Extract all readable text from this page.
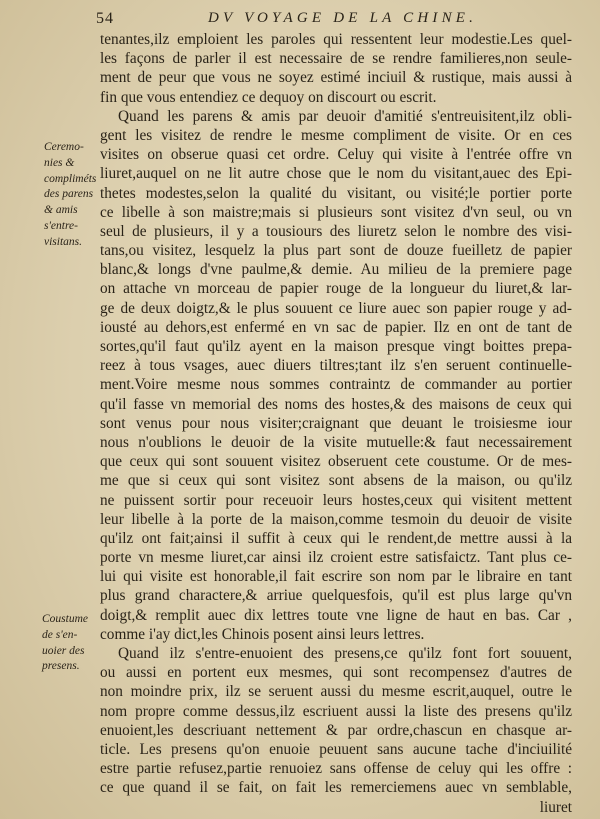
54	DV VOYAGE DE LA CHINE.
Ceremo-
nies &
compliméts
des parens
& amis
s'entre-
visitans.
Coustume
de s'en-
uoier des
presens.
tenantes,ilz emploient les paroles qui ressentent leur modestie.Les quel-
les façons de parler il est necessaire de se rendre familieres,non seule-
ment de peur que vous ne soyez estimé inciuil & rustique, mais aussi à
fin que vous entendiez ce dequoy on discourt ou escrit.
Quand les parens & amis par deuoir d'amitié s'entreuisitent,ilz obli-
gent les visitez de rendre le mesme compliment de visite. Or en ces
visites on obserue quasi cet ordre. Celuy qui visite à l'entrée offre vn
liuret,auquel on ne lit autre chose que le nom du visitant,auec des Epi-
thetes modestes,selon la qualité du visitant, ou visité;le portier porte
ce libelle à son maistre;mais si plusieurs sont visitez d'vn seul, ou vn
seul de plusieurs, il y a tousiours des liuretz selon le nombre des visi-
tans,ou visitez, lesquelz la plus part sont de douze fueilletz de papier
blanc,& longs d'vne paulme,& demie. Au milieu de la premiere page
on attache vn morceau de papier rouge de la longueur du liuret,& lar-
ge de deux doigtz,& le plus souuent ce liure auec son papier rouge y ad-
iousté au dehors,est enfermé en vn sac de papier. Ilz en ont de tant de
sortes,qu'il faut qu'ilz ayent en la maison presque vingt boittes prepa-
reez à tous vsages, auec diuers tiltres;tant ilz s'en seruent continuelle-
ment.Voire mesme nous sommes contraintz de commander au portier
qu'il fasse vn memorial des noms des hostes,& des maisons de ceux qui
sont venus pour nous visiter;craignant que deuant le troisiesme iour
nous n'oublions le deuoir de la visite mutuelle:& faut necessairement
que ceux qui sont souuent visitez obseruent cete coustume. Or de mes-
me que si ceux qui sont visitez sont absens de la maison, ou qu'ilz
ne puissent sortir pour receuoir leurs hostes,ceux qui visitent mettent
leur libelle à la porte de la maison,comme tesmoin du deuoir de visite
qu'ilz ont fait;ainsi il suffit à ceux qui le rendent,de mettre aussi à la
porte vn mesme liuret,car ainsi ilz croient estre satisfaictz. Tant plus ce-
lui qui visite est honorable,il fait escrire son nom par le libraire en tant
plus grand charactere,& arriue quelquesfois, qu'il est plus large qu'vn
doigt,& remplit auec dix lettres toute vne ligne de haut en bas. Car ,
comme i'ay dict,les Chinois posent ainsi leurs lettres.
Quand ilz s'entre-enuoient des presens,ce qu'ilz font fort souuent,
ou aussi en portent eux mesmes, qui sont recompensez d'autres de
non moindre prix, ilz se seruent aussi du mesme escrit,auquel, outre le
nom propre comme dessus,ilz escriuent aussi la liste des presens qu'ilz
enuoient,les descriuant nettement & par ordre,chascun en chasque ar-
ticle. Les presens qu'on enuoie peuuent sans aucune tache d'inciuilité
estre partie refusez,partie renuoiez sans offense de celuy qui les offre :
ce que quand il se fait, on fait les remerciemens auec vn semblable,
liuret
